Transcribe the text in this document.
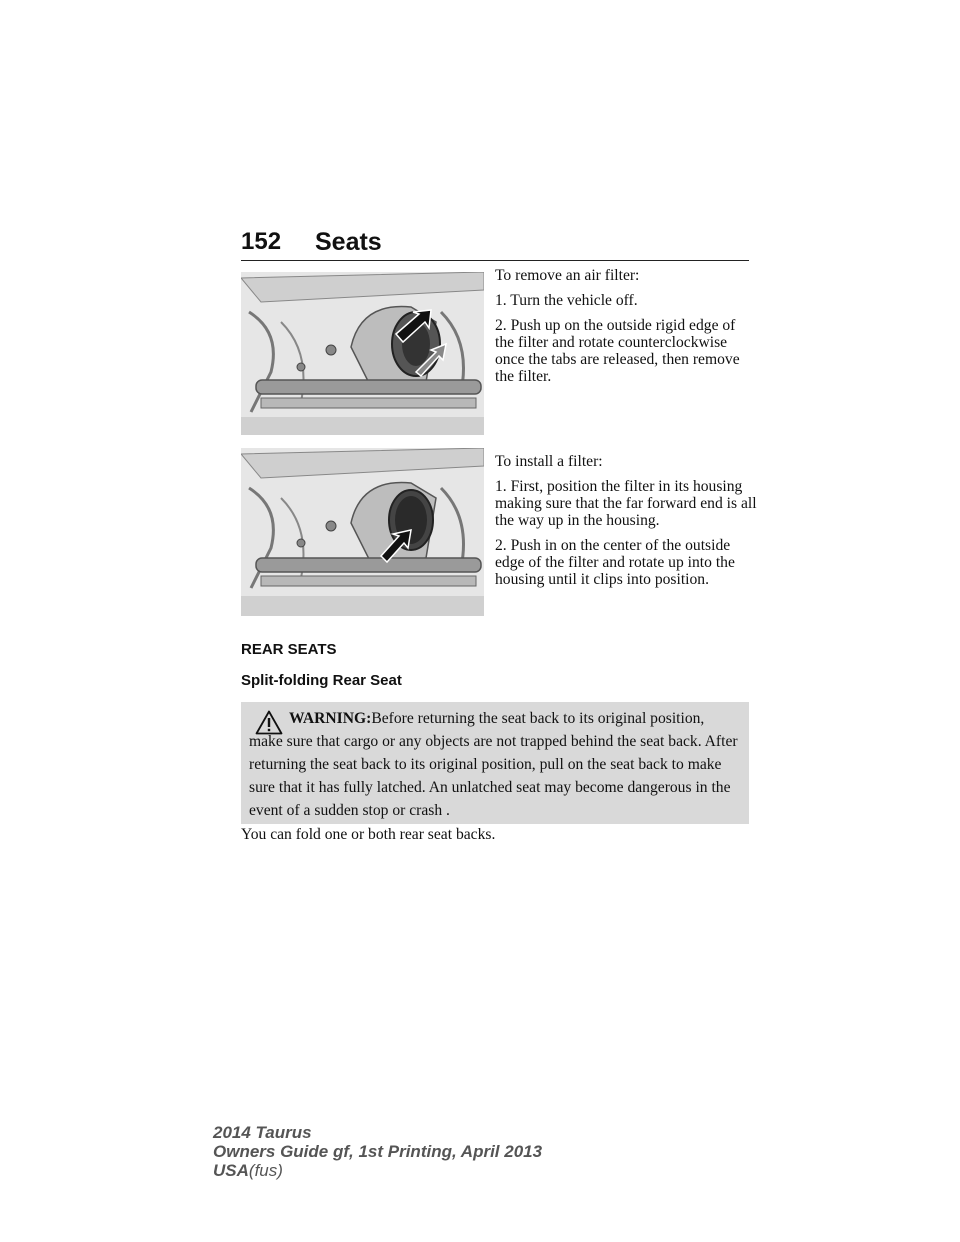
152 Seats

To remove an air filter:

1. Turn the vehicle off.

2. Push up on the outside rigid edge of the filter and rotate counterclockwise once the tabs are released, then remove the filter.

To install a filter:

1. First, position the filter in its housing making sure that the far forward end is all the way up in the housing.

2. Push in on the center of the outside edge of the filter and rotate up into the housing until it clips into position.

REAR SEATS
Split-folding Rear Seat

WARNING:Before returning the seat back to its original position, make sure that cargo or any objects are not trapped behind the seat back. After returning the seat back to its original position, pull on the seat back to make sure that it has fully latched. An unlatched seat may become dangerous in the event of a sudden stop or crash .

You can fold one or both rear seat backs.
2014 Taurus
Owners Guide gf, 1st Printing, April 2013
USA(fus)
